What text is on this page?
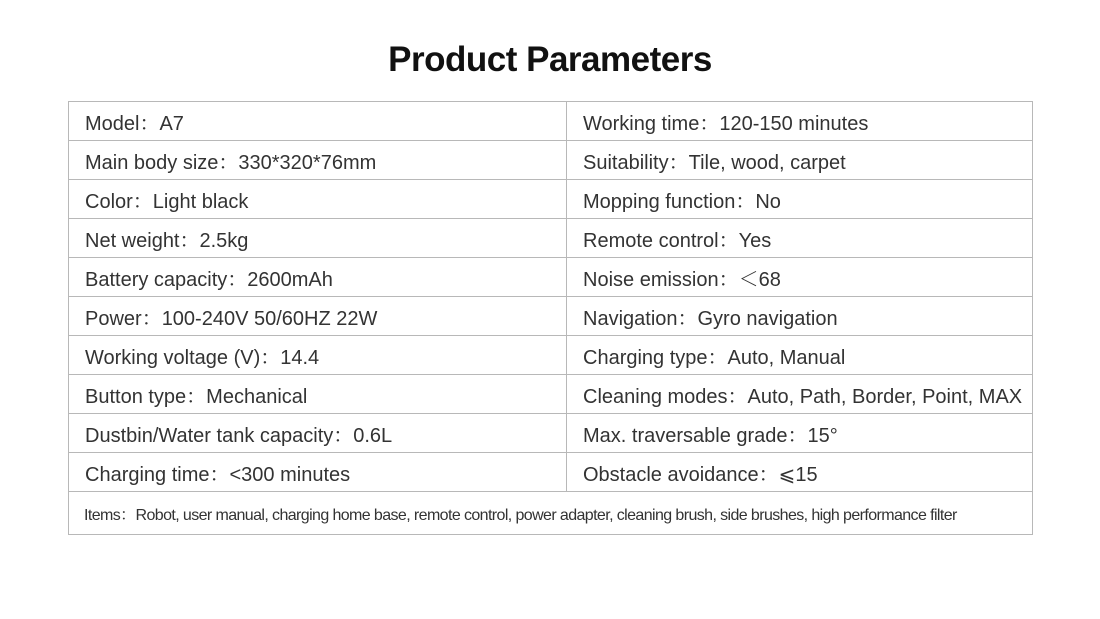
Product Parameters
Model：A7	Working time：120-150 minutes
Main body size：330*320*76mm	Suitability：Tile, wood, carpet
Color：Light black	Mopping function：No
Net weight：2.5kg	Remote control：Yes
Battery capacity：2600mAh	Noise emission：＜68
Power：100-240V 50/60HZ 22W	Navigation：Gyro navigation
Working voltage (V)：14.4	Charging type：Auto, Manual
Button type：Mechanical	Cleaning modes：Auto, Path, Border, Point, MAX
Dustbin/Water tank capacity：0.6L	Max. traversable grade：15°
Charging time：<300 minutes	Obstacle avoidance：⩽15
Items：Robot, user manual, charging home base, remote control, power adapter, cleaning brush, side brushes, high performance filter	
